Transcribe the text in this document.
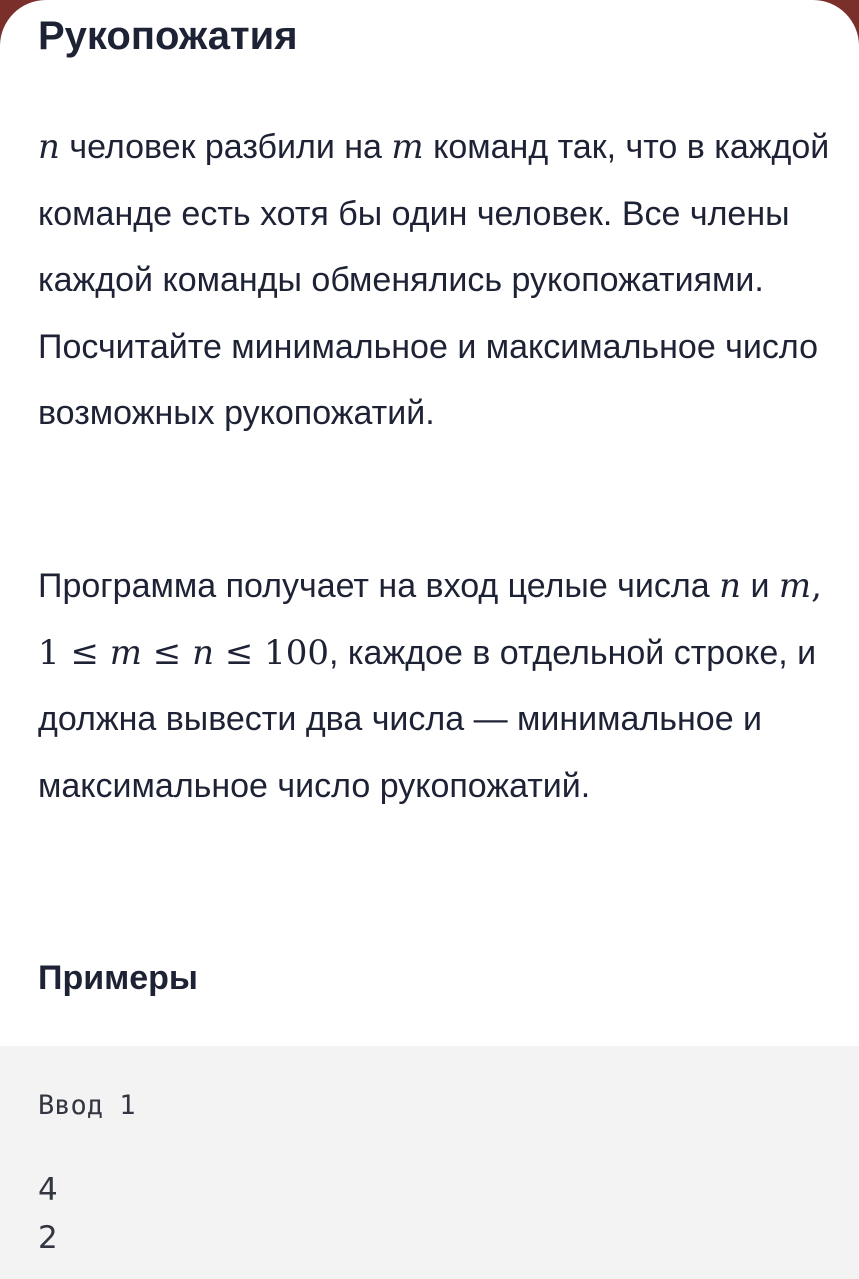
Рукопожатия

n человек разбили на m команд так, что в каждой команде есть хотя бы один человек. Все члены каждой команды обменялись рукопожатиями. Посчитайте минимальное и максимальное число возможных рукопожатий.

Программа получает на вход целые числа n и m, 1 ≤ m ≤ n ≤ 100, каждое в отдельной строке, и должна вывести два числа — минимальное и максимальное число рукопожатий.

Примеры
Ввод 1
4
2
